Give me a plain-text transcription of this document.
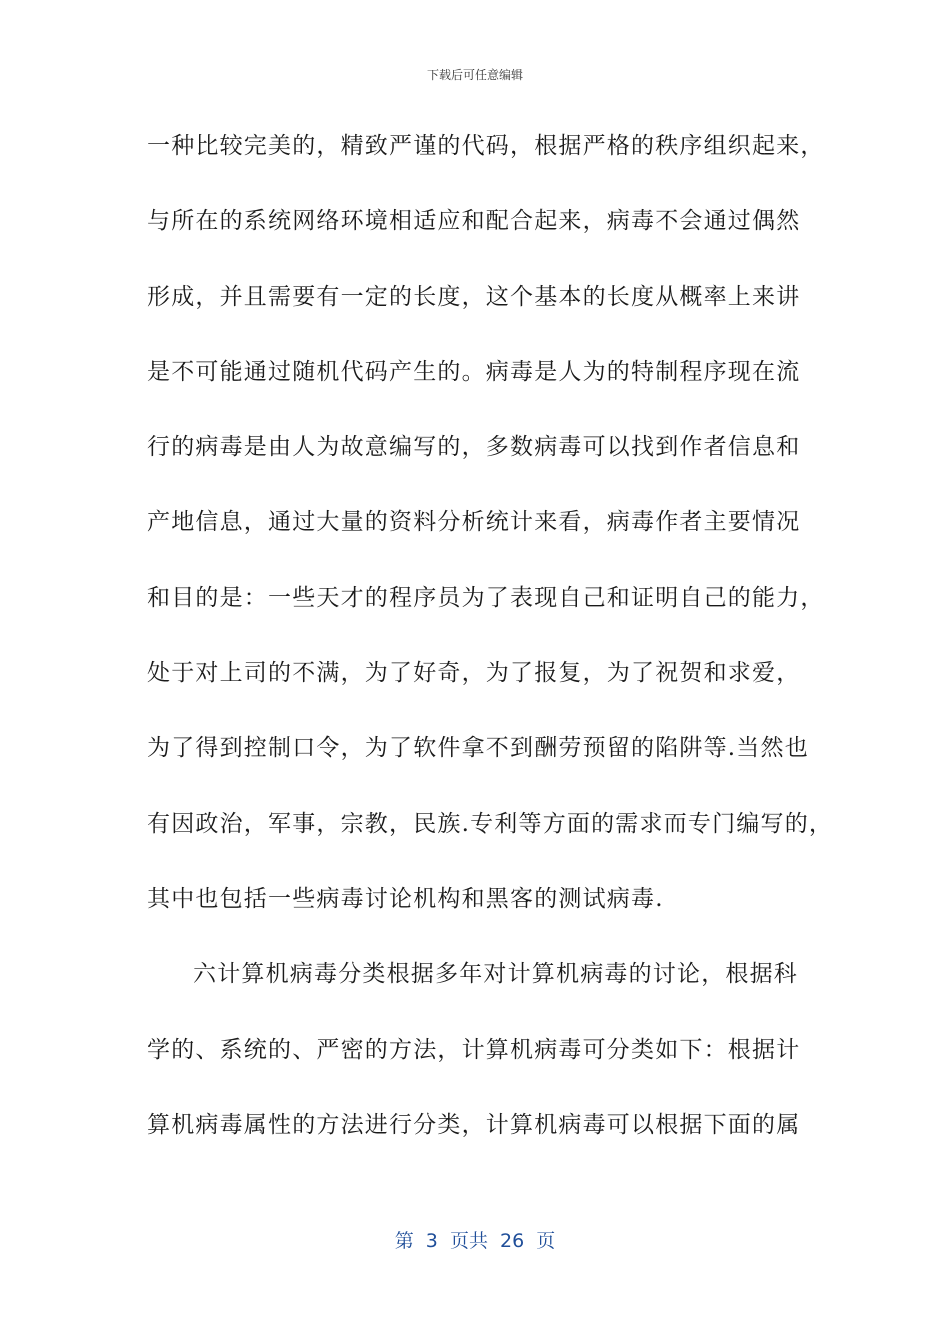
下载后可任意编辑
一种比较完美的，精致严谨的代码，根据严格的秩序组织起来，
与所在的系统网络环境相适应和配合起来，病毒不会通过偶然
形成，并且需要有一定的长度，这个基本的长度从概率上来讲
是不可能通过随机代码产生的。病毒是人为的特制程序现在流
行的病毒是由人为故意编写的，多数病毒可以找到作者信息和
产地信息，通过大量的资料分析统计来看，病毒作者主要情况
和目的是：一些天才的程序员为了表现自己和证明自己的能力，
处于对上司的不满，为了好奇，为了报复，为了祝贺和求爱，
为了得到控制口令，为了软件拿不到酬劳预留的陷阱等.当然也
有因政治，军事，宗教，民族.专利等方面的需求而专门编写的，
其中也包括一些病毒讨论机构和黑客的测试病毒.
六计算机病毒分类根据多年对计算机病毒的讨论，根据科
学的、系统的、严密的方法，计算机病毒可分类如下：根据计
算机病毒属性的方法进行分类，计算机病毒可以根据下面的属
第  3  页共  26  页
